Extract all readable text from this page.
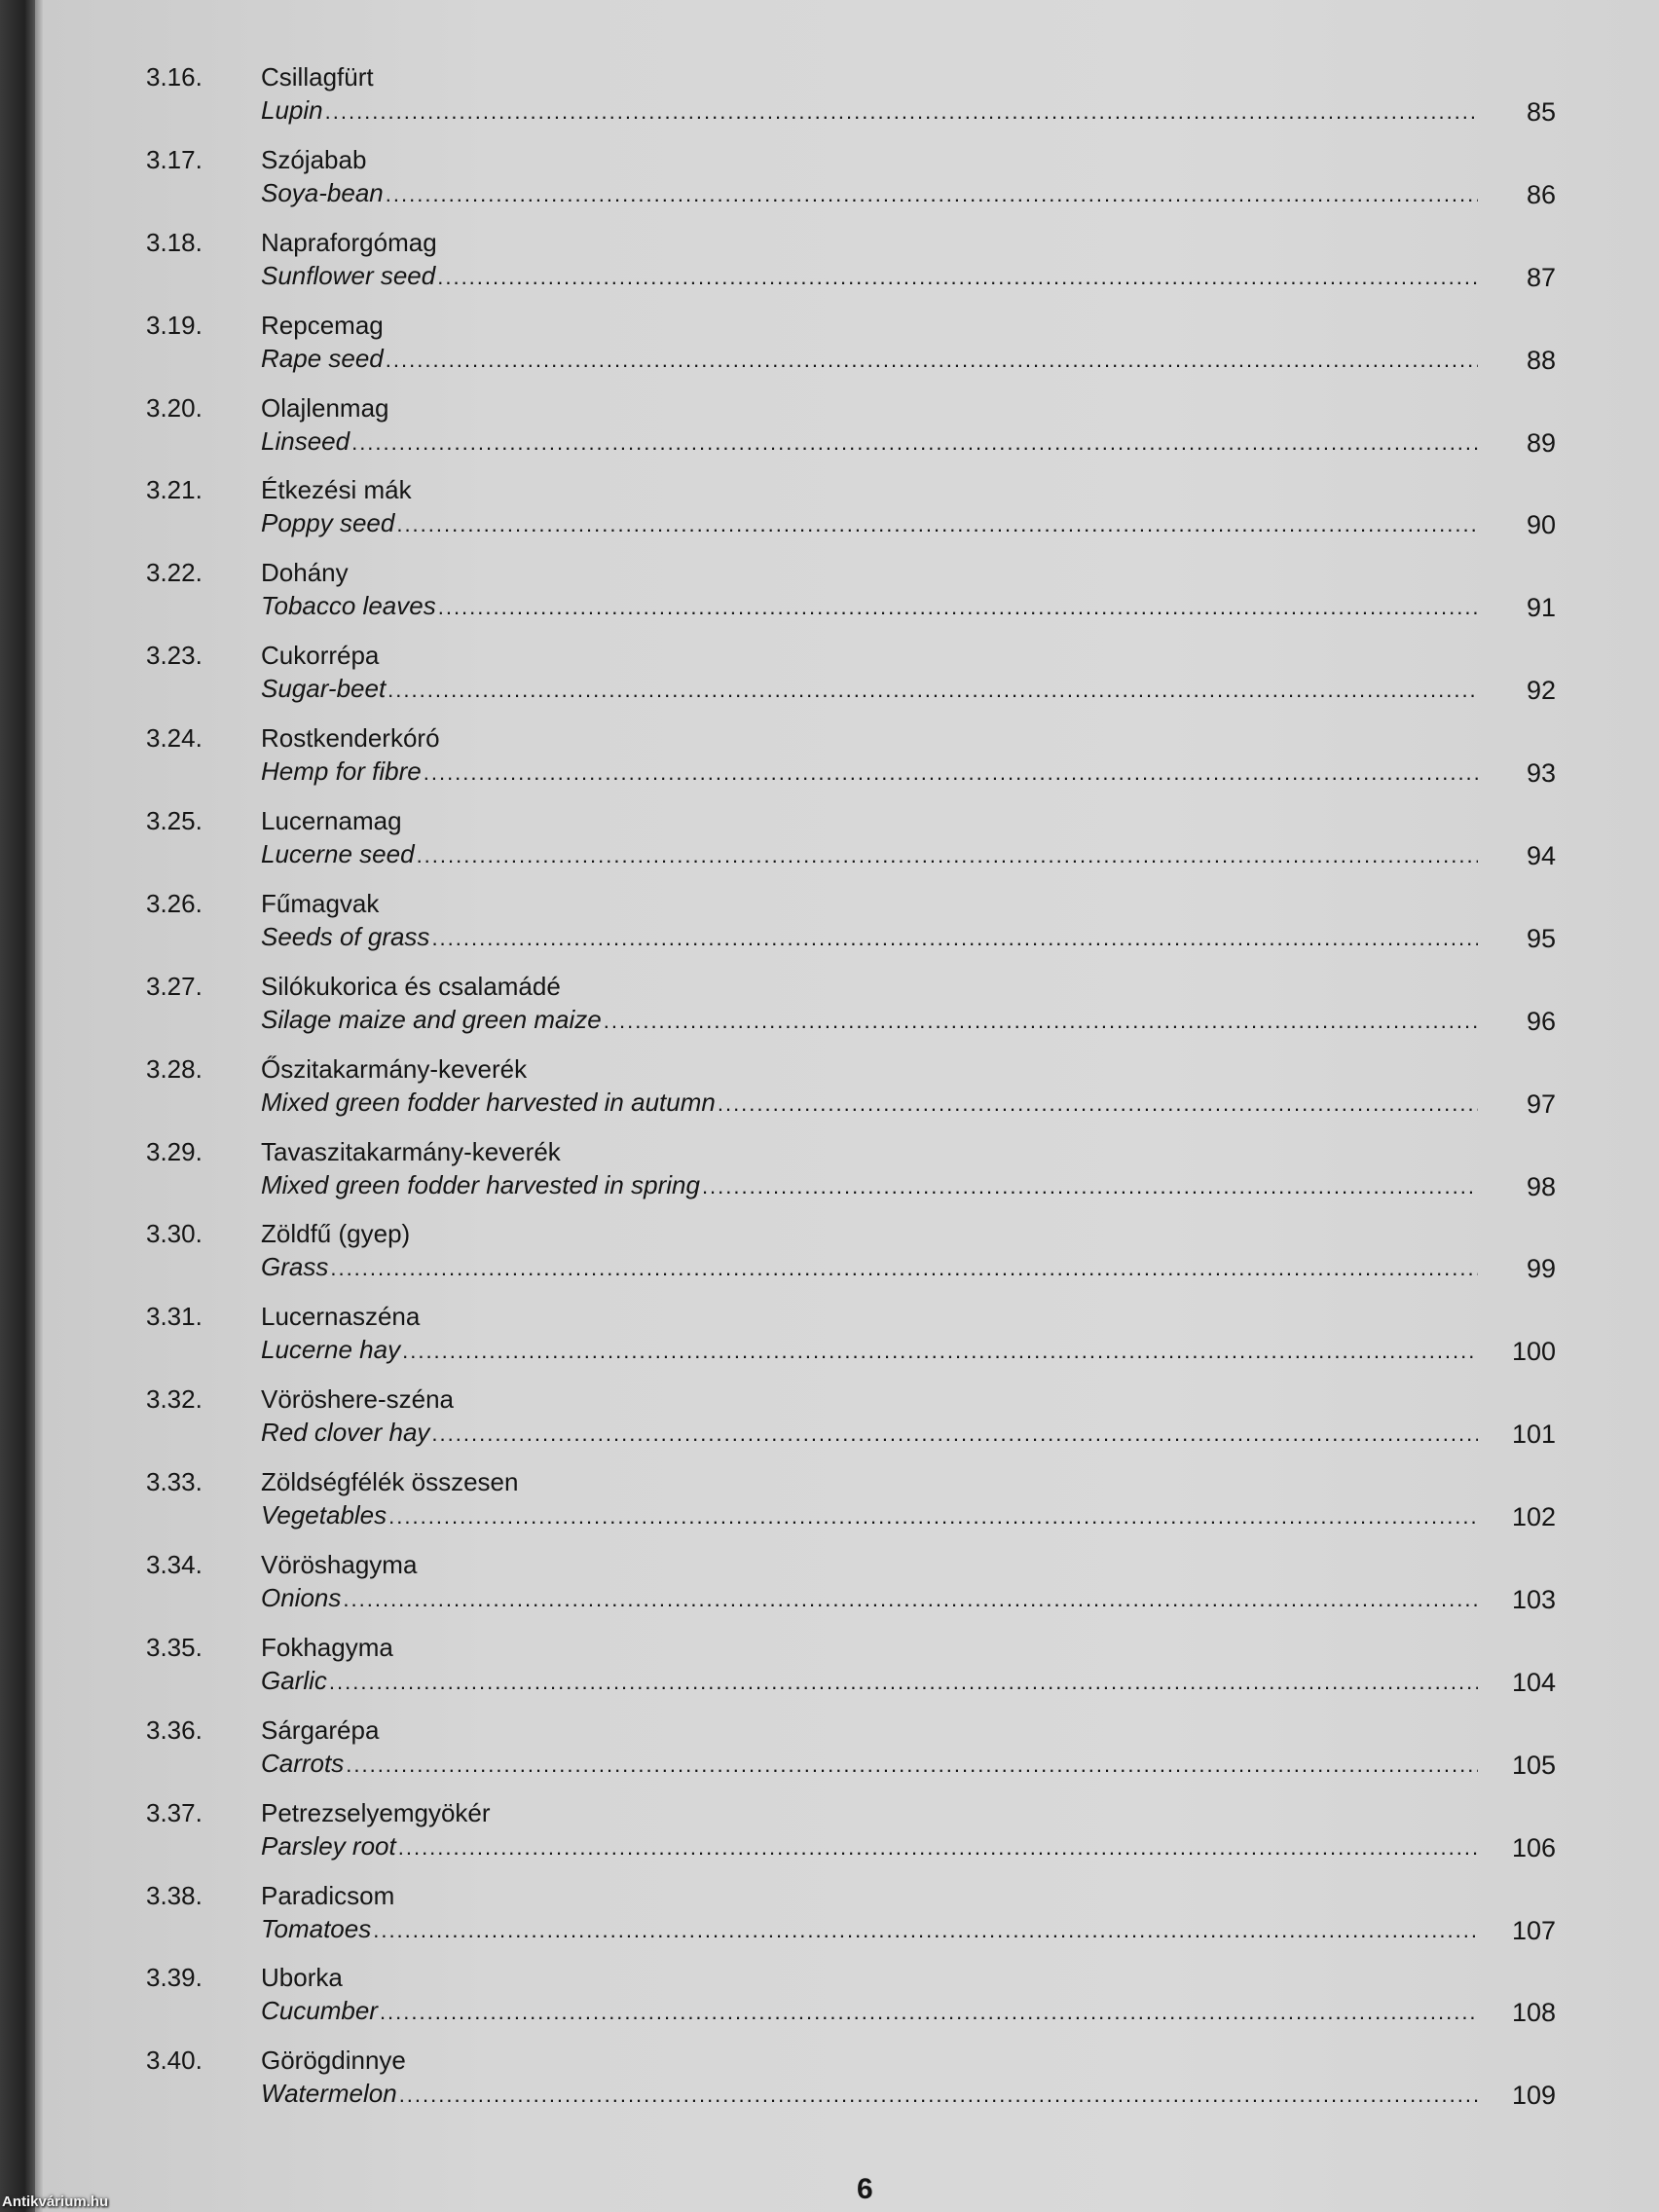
3.16. Csillagfürt
Lupin .....	85
3.17. Szójabab
Soya-bean .....	86
3.18. Napraforgómag
Sunflower seed .....	87
3.19. Repcemag
Rape seed .....	88
3.20. Olajlenmag
Linseed .....	89
3.21. Étkezési mák
Poppy seed .....	90
3.22. Dohány
Tobacco leaves .....	91
3.23. Cukorrépa
Sugar-beet .....	92
3.24. Rostkenderkóró
Hemp for fibre .....	93
3.25. Lucernamag
Lucerne seed .....	94
3.26. Fűmagvak
Seeds of grass .....	95
3.27. Silókukorica és csalamádé
Silage maize and green maize .....	96
3.28. Őszitakarmány-keverék
Mixed green fodder harvested in autumn .....	97
3.29. Tavaszitakarmány-keverék
Mixed green fodder harvested in spring .....	98
3.30. Zöldfű (gyep)
Grass .....	99
3.31. Lucernaszéna
Lucerne hay .....	100
3.32. Vöröshere-széna
Red clover hay .....	101
3.33. Zöldségfélék összesen
Vegetables .....	102
3.34. Vöröshagyma
Onions .....	103
3.35. Fokhagyma
Garlic .....	104
3.36. Sárgarépa
Carrots .....	105
3.37. Petrezselyemgyökér
Parsley root .....	106
3.38. Paradicsom
Tomatoes .....	107
3.39. Uborka
Cucumber .....	108
3.40. Görögdinnye
Watermelon .....	109
6
Antikvárium.hu
